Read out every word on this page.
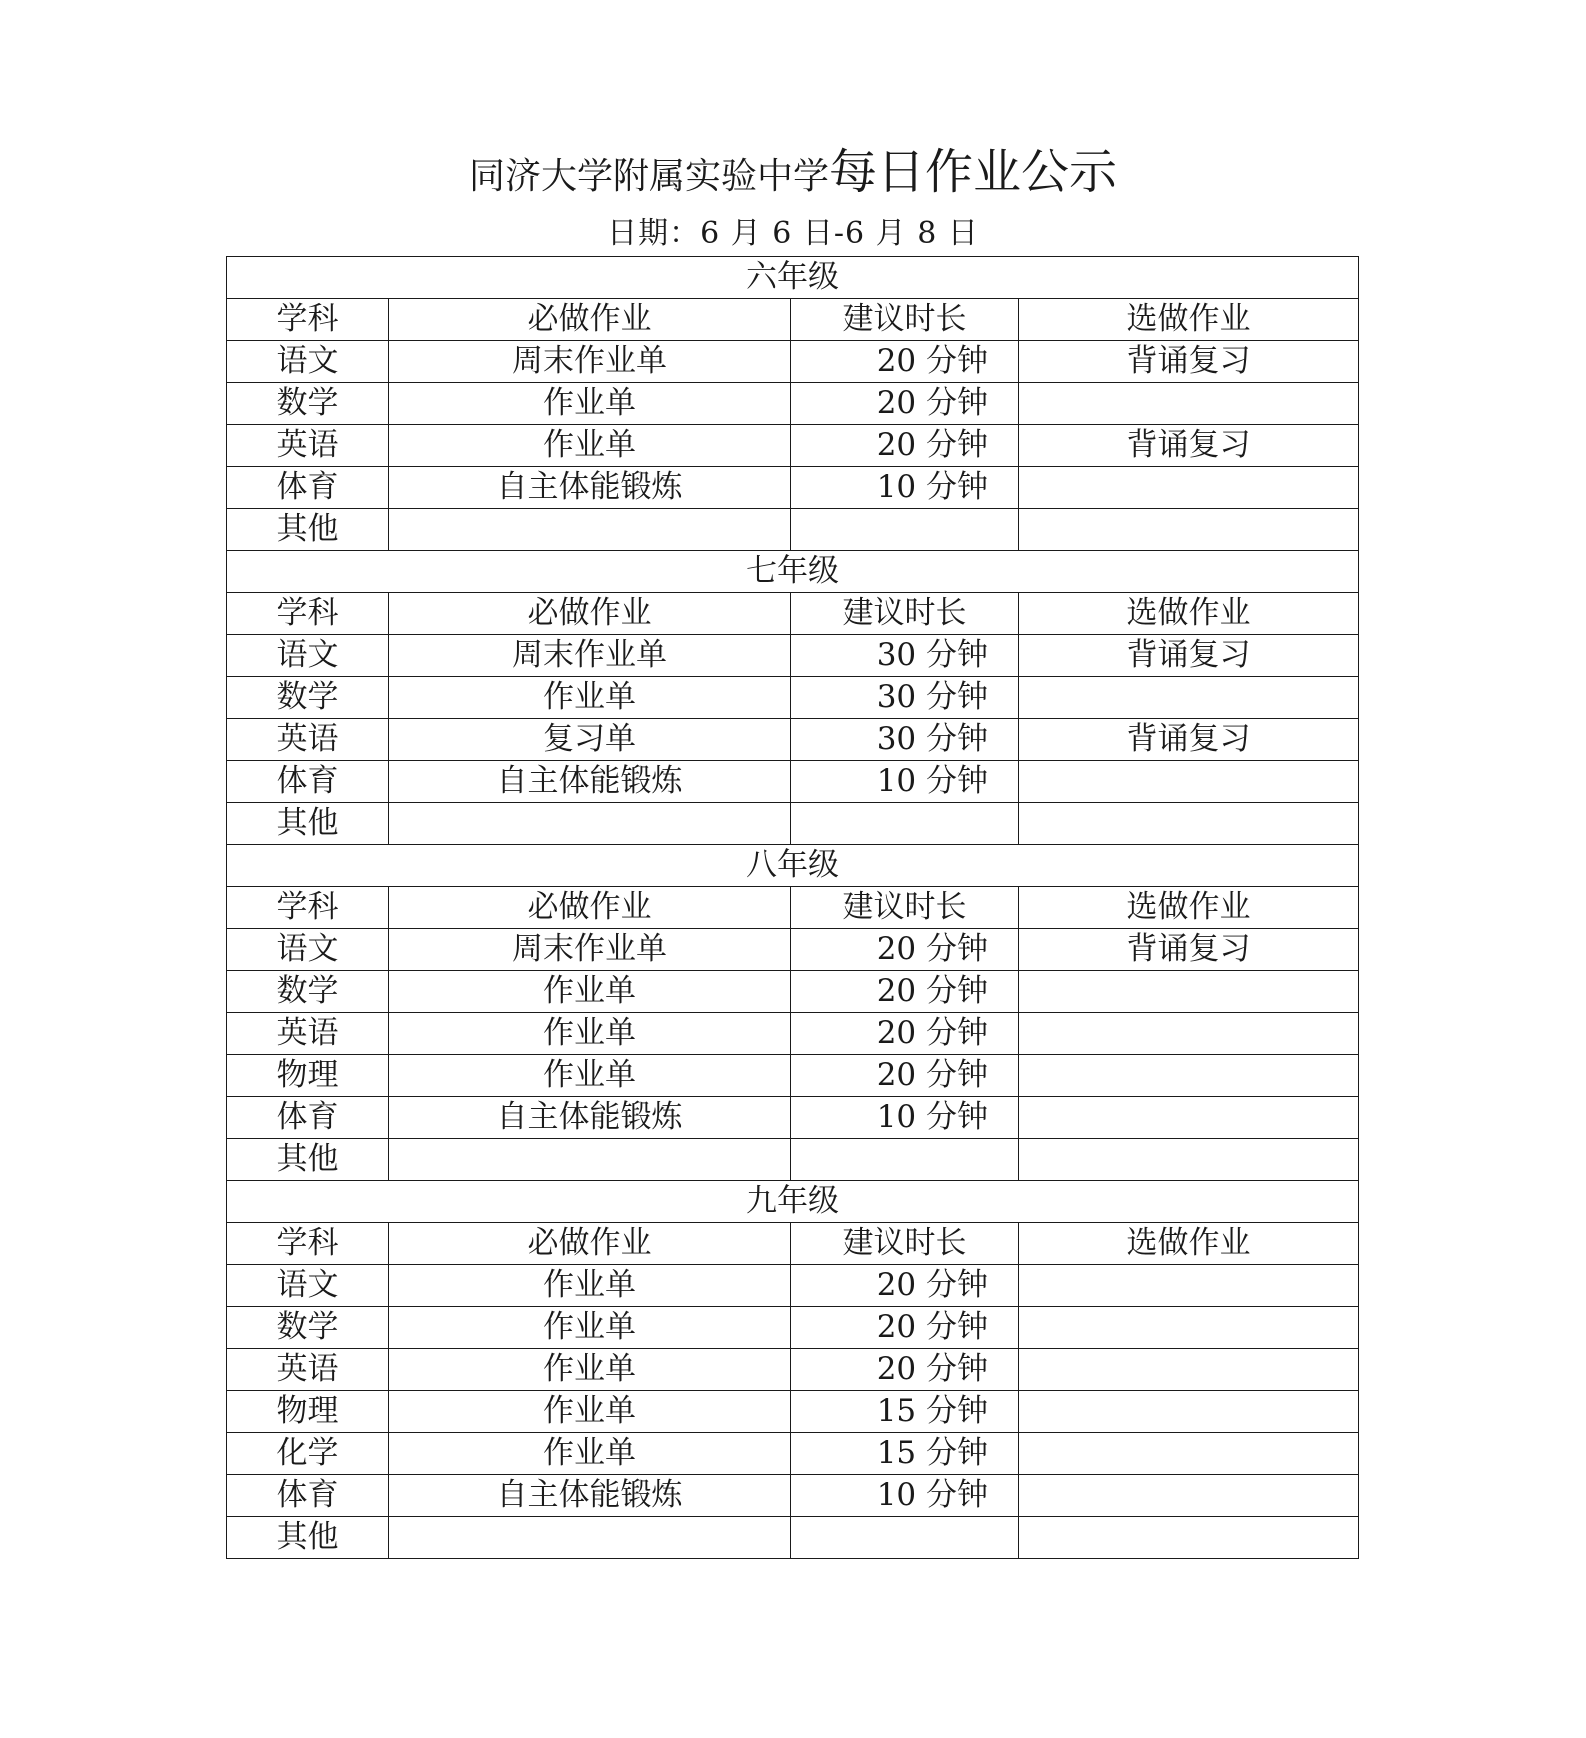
同济大学附属实验中学每日作业公示
日期：6 月 6 日-6 月 8 日
六年级			
学科	必做作业	建议时长	选做作业
语文	周末作业单	20 分钟	背诵复习
数学	作业单	20 分钟	
英语	作业单	20 分钟	背诵复习
体育	自主体能锻炼	10 分钟	
其他			
七年级			
学科	必做作业	建议时长	选做作业
语文	周末作业单	30 分钟	背诵复习
数学	作业单	30 分钟	
英语	复习单	30 分钟	背诵复习
体育	自主体能锻炼	10 分钟	
其他			
八年级			
学科	必做作业	建议时长	选做作业
语文	周末作业单	20 分钟	背诵复习
数学	作业单	20 分钟	
英语	作业单	20 分钟	
物理	作业单	20 分钟	
体育	自主体能锻炼	10 分钟	
其他			
九年级			
学科	必做作业	建议时长	选做作业
语文	作业单	20 分钟	
数学	作业单	20 分钟	
英语	作业单	20 分钟	
物理	作业单	15 分钟	
化学	作业单	15 分钟	
体育	自主体能锻炼	10 分钟	
其他			
